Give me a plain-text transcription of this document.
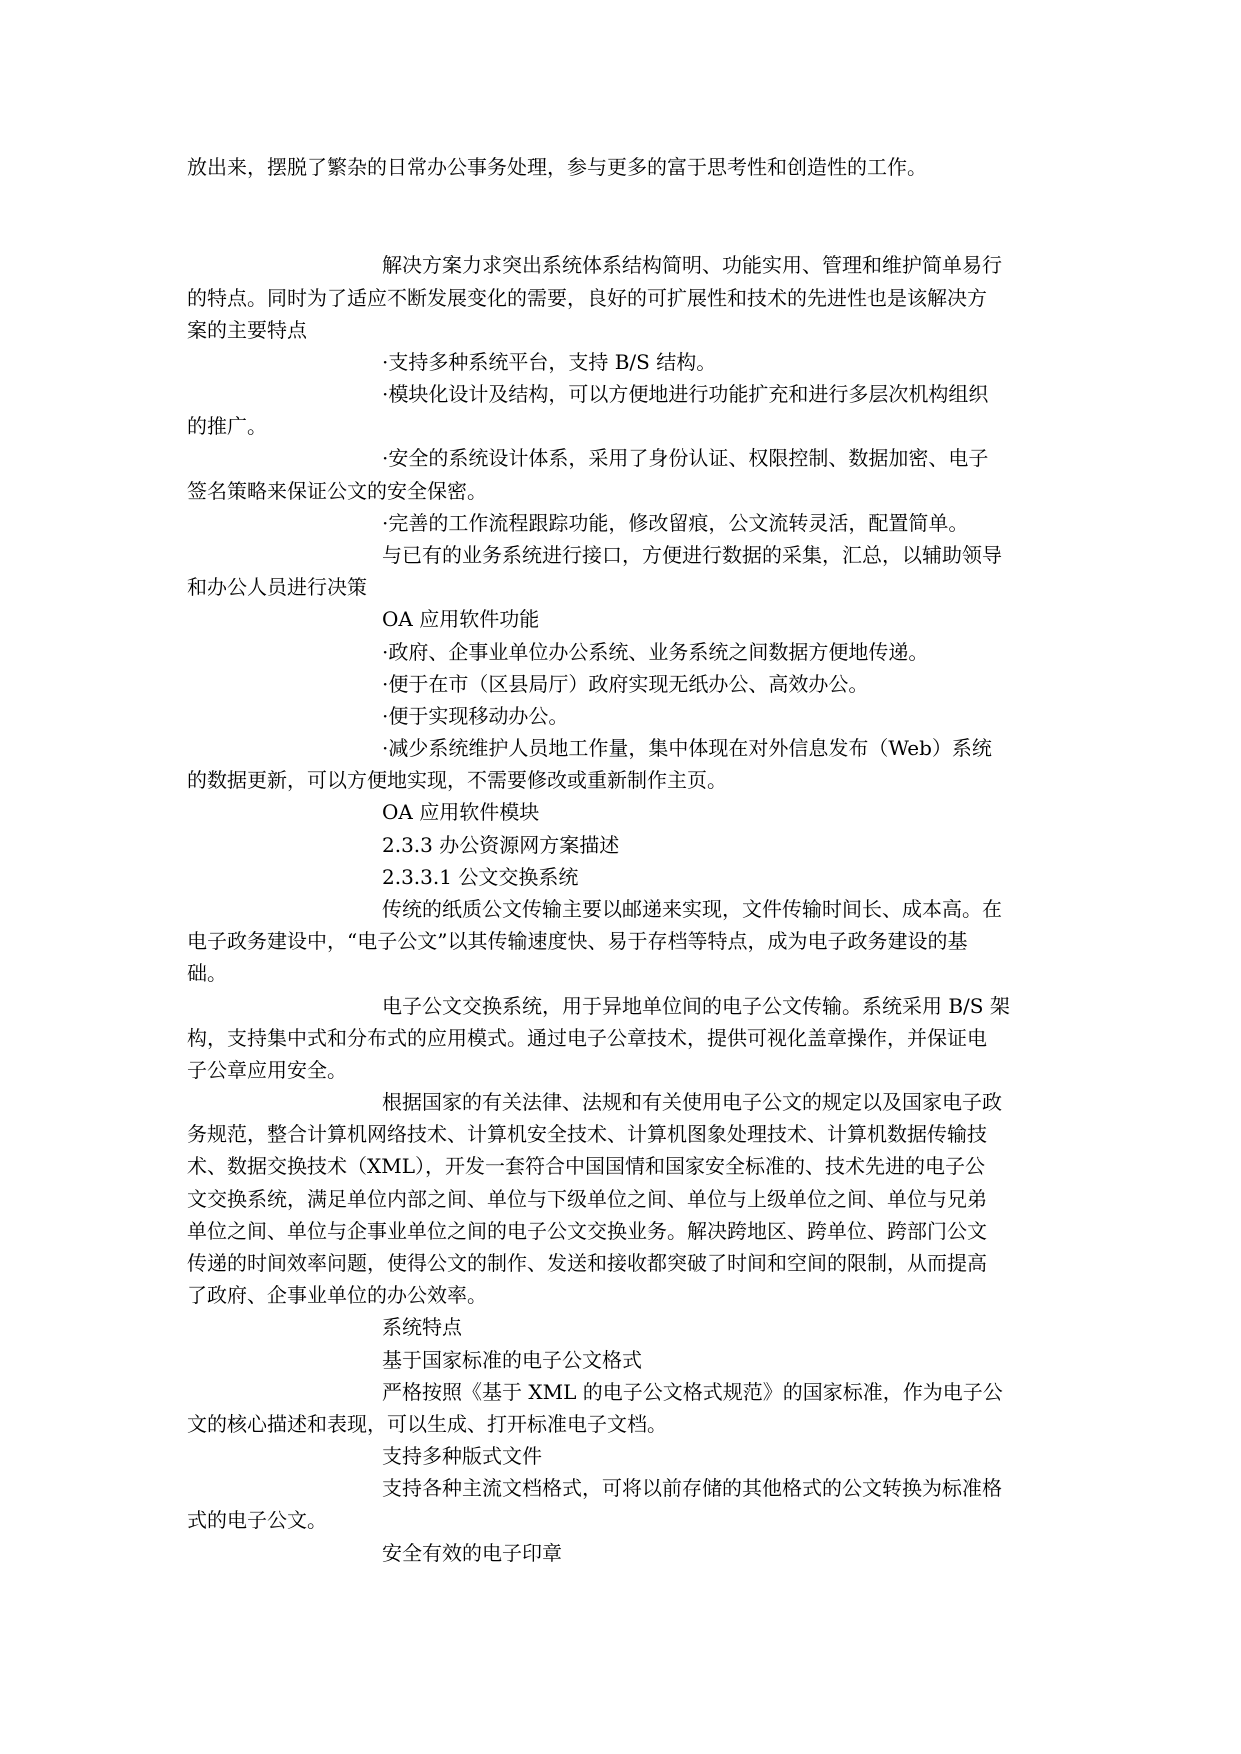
放出来，摆脱了繁杂的日常办公事务处理，参与更多的富于思考性和创造性的工作。

解决方案力求突出系统体系结构简明、功能实用、管理和维护简单易行

的特点。同时为了适应不断发展变化的需要，良好的可扩展性和技术的先进性也是该解决方

案的主要特点

·支持多种系统平台，支持 B/S 结构。

·模块化设计及结构，可以方便地进行功能扩充和进行多层次机构组织

的推广。

·安全的系统设计体系，采用了身份认证、权限控制、数据加密、电子

签名策略来保证公文的安全保密。

·完善的工作流程跟踪功能，修改留痕，公文流转灵活，配置简单。

与已有的业务系统进行接口，方便进行数据的采集，汇总，以辅助领导

和办公人员进行决策

OA 应用软件功能

·政府、企事业单位办公系统、业务系统之间数据方便地传递。

·便于在市（区县局厅）政府实现无纸办公、高效办公。

·便于实现移动办公。

·减少系统维护人员地工作量，集中体现在对外信息发布（Web）系统

的数据更新，可以方便地实现，不需要修改或重新制作主页。

OA 应用软件模块

2.3.3 办公资源网方案描述

2.3.3.1 公文交换系统

传统的纸质公文传输主要以邮递来实现，文件传输时间长、成本高。在

电子政务建设中，“电子公文”以其传输速度快、易于存档等特点，成为电子政务建设的基

础。

电子公文交换系统，用于异地单位间的电子公文传输。系统采用 B/S 架

构，支持集中式和分布式的应用模式。通过电子公章技术，提供可视化盖章操作，并保证电

子公章应用安全。

根据国家的有关法律、法规和有关使用电子公文的规定以及国家电子政

务规范，整合计算机网络技术、计算机安全技术、计算机图象处理技术、计算机数据传输技

术、数据交换技术（XML），开发一套符合中国国情和国家安全标准的、技术先进的电子公

文交换系统，满足单位内部之间、单位与下级单位之间、单位与上级单位之间、单位与兄弟

单位之间、单位与企事业单位之间的电子公文交换业务。解决跨地区、跨单位、跨部门公文

传递的时间效率问题，使得公文的制作、发送和接收都突破了时间和空间的限制，从而提高

了政府、企事业单位的办公效率。

系统特点

基于国家标准的电子公文格式

严格按照《基于 XML 的电子公文格式规范》的国家标准，作为电子公

文的核心描述和表现，可以生成、打开标准电子文档。

支持多种版式文件

支持各种主流文档格式，可将以前存储的其他格式的公文转换为标准格

式的电子公文。

安全有效的电子印章
